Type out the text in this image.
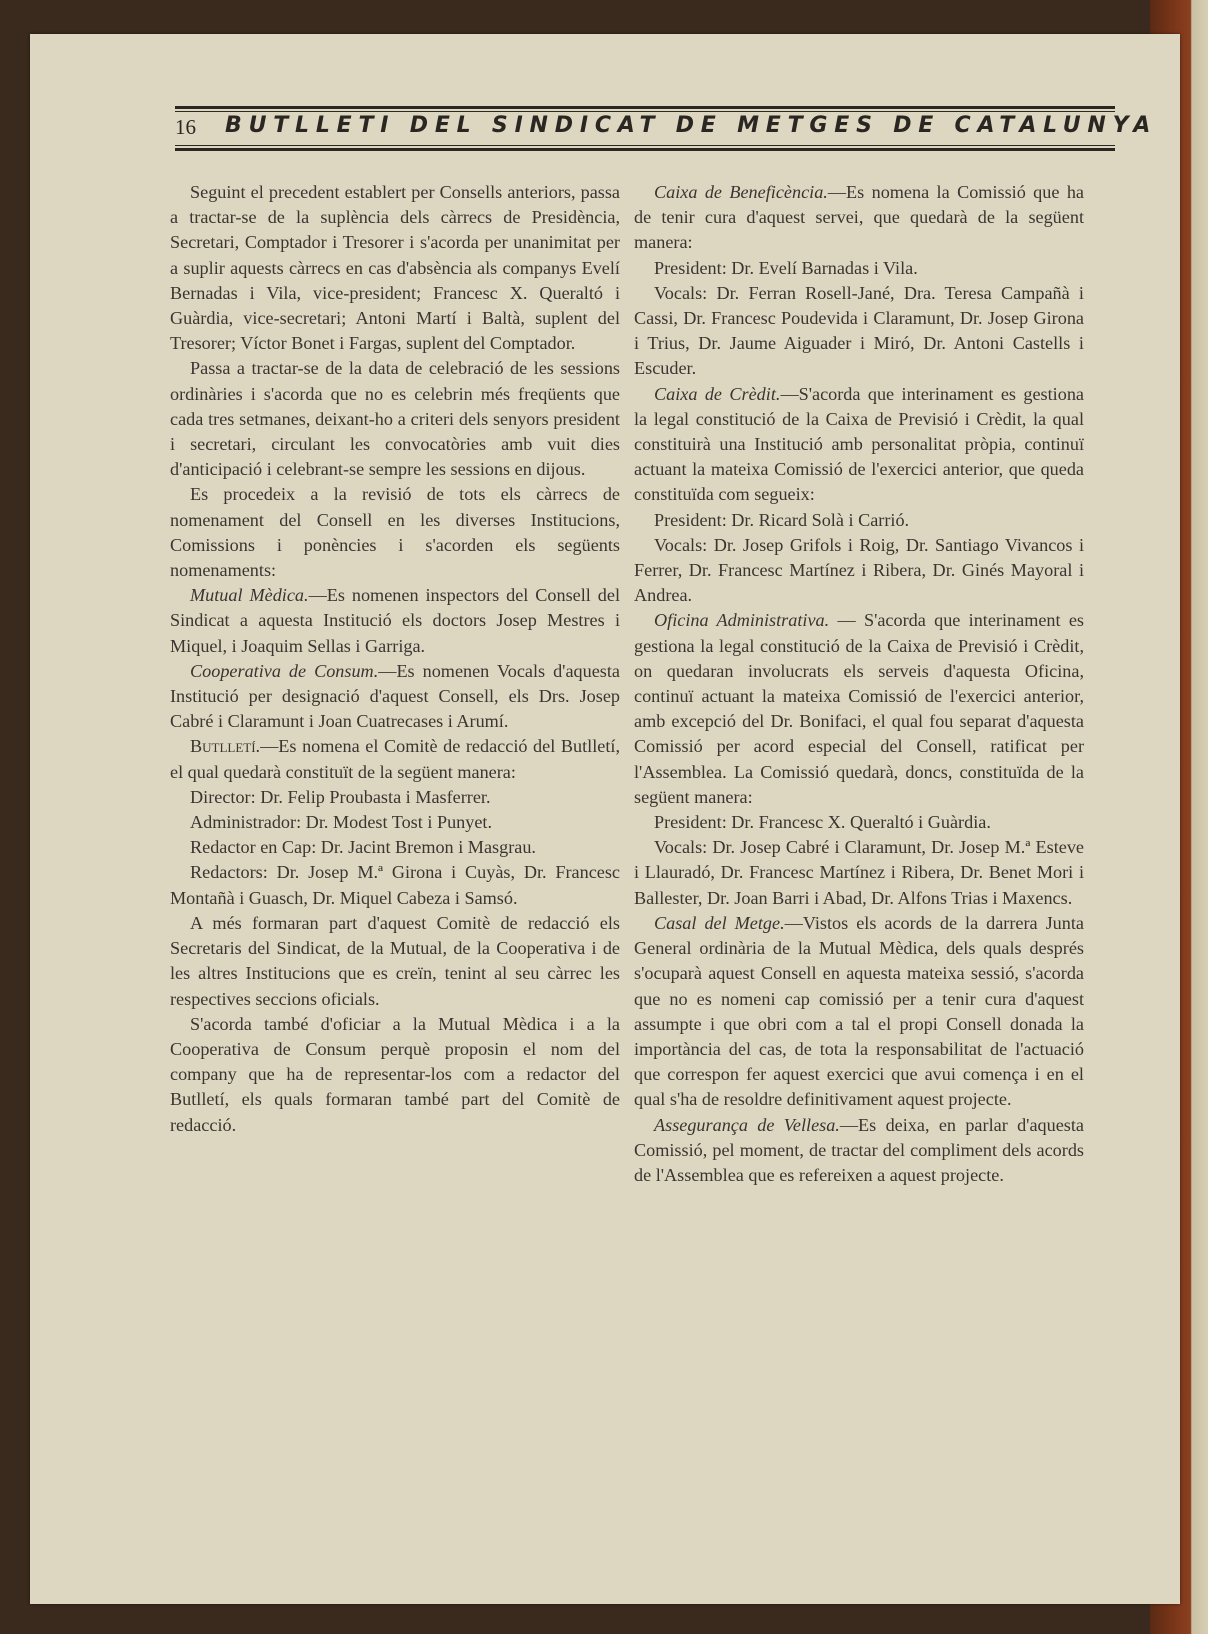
16 BUTLLETI DEL SINDICAT DE METGES DE CATALUNYA

Seguint el precedent establert per Consells anteriors, passa a tractar-se de la suplència dels càrrecs de Presidència, Secretari, Comptador i Tresorer i s'acorda per unanimitat per a suplir aquests càrrecs en cas d'absència als companys Evelí Bernadas i Vila, vice-president; Francesc X. Queraltó i Guàrdia, vice-secretari; Antoni Martí i Baltà, suplent del Tresorer; Víctor Bonet i Fargas, suplent del Comptador.

Passa a tractar-se de la data de celebració de les sessions ordinàries i s'acorda que no es celebrin més freqüents que cada tres setmanes, deixant-ho a criteri dels senyors president i secretari, circulant les convocatòries amb vuit dies d'anticipació i celebrant-se sempre les sessions en dijous.

Es procedeix a la revisió de tots els càrrecs de nomenament del Consell en les diverses Institucions, Comissions i ponències i s'acorden els següents nomenaments:

Mutual Mèdica.—Es nomenen inspectors del Consell del Sindicat a aquesta Institució els doctors Josep Mestres i Miquel, i Joaquim Sellas i Garriga.

Cooperativa de Consum.—Es nomenen Vocals d'aquesta Institució per designació d'aquest Consell, els Drs. Josep Cabré i Claramunt i Joan Cuatrecases i Arumí.

Butlletí.—Es nomena el Comitè de redacció del Butlletí, el qual quedarà constituït de la següent manera:

Director: Dr. Felip Proubasta i Masferrer.

Administrador: Dr. Modest Tost i Punyet.

Redactor en Cap: Dr. Jacint Bremon i Masgrau.

Redactors: Dr. Josep M.ª Girona i Cuyàs, Dr. Francesc Montañà i Guasch, Dr. Miquel Cabeza i Samsó.

A més formaran part d'aquest Comitè de redacció els Secretaris del Sindicat, de la Mutual, de la Cooperativa i de les altres Institucions que es creïn, tenint al seu càrrec les respectives seccions oficials.

S'acorda també d'oficiar a la Mutual Mèdica i a la Cooperativa de Consum perquè proposin el nom del company que ha de representar-los com a redactor del Butlletí, els quals formaran també part del Comitè de redacció.

Caixa de Beneficència.—Es nomena la Comissió que ha de tenir cura d'aquest servei, que quedarà de la següent manera:

President: Dr. Evelí Barnadas i Vila.

Vocals: Dr. Ferran Rosell-Jané, Dra. Teresa Campañà i Cassi, Dr. Francesc Poudevida i Claramunt, Dr. Josep Girona i Trius, Dr. Jaume Aiguader i Miró, Dr. Antoni Castells i Escuder.

Caixa de Crèdit.—S'acorda que interinament es gestiona la legal constitució de la Caixa de Previsió i Crèdit, la qual constituirà una Institució amb personalitat pròpia, continuï actuant la mateixa Comissió de l'exercici anterior, que queda constituïda com segueix:

President: Dr. Ricard Solà i Carrió.

Vocals: Dr. Josep Grifols i Roig, Dr. Santiago Vivancos i Ferrer, Dr. Francesc Martínez i Ribera, Dr. Ginés Mayoral i Andrea.

Oficina Administrativa. — S'acorda que interinament es gestiona la legal constitució de la Caixa de Previsió i Crèdit, on quedaran involucrats els serveis d'aquesta Oficina, continuï actuant la mateixa Comissió de l'exercici anterior, amb excepció del Dr. Bonifaci, el qual fou separat d'aquesta Comissió per acord especial del Consell, ratificat per l'Assemblea. La Comissió quedarà, doncs, constituïda de la següent manera:

President: Dr. Francesc X. Queraltó i Guàrdia.

Vocals: Dr. Josep Cabré i Claramunt, Dr. Josep M.ª Esteve i Llauradó, Dr. Francesc Martínez i Ribera, Dr. Benet Mori i Ballester, Dr. Joan Barri i Abad, Dr. Alfons Trias i Maxencs.

Casal del Metge.—Vistos els acords de la darrera Junta General ordinària de la Mutual Mèdica, dels quals després s'ocuparà aquest Consell en aquesta mateixa sessió, s'acorda que no es nomeni cap comissió per a tenir cura d'aquest assumpte i que obri com a tal el propi Consell donada la importància del cas, de tota la responsabilitat de l'actuació que correspon fer aquest exercici que avui comença i en el qual s'ha de resoldre definitivament aquest projecte.

Assegurança de Vellesa.—Es deixa, en parlar d'aquesta Comissió, pel moment, de tractar del compliment dels acords de l'Assemblea que es refereixen a aquest projecte.
